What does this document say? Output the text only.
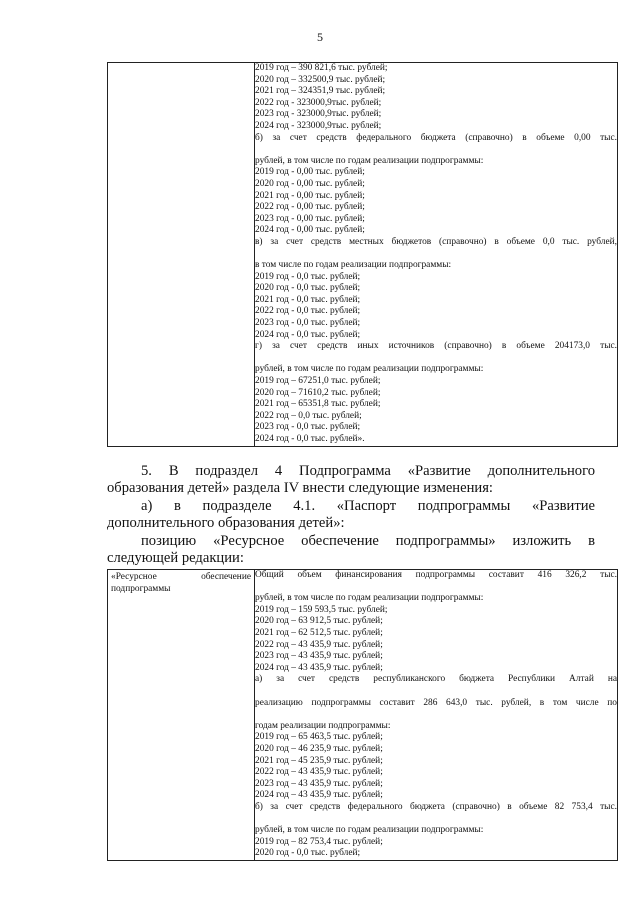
5

2019 год – 390 821,6 тыс. рублей;
2020 год – 332500,9 тыс. рублей;
2021 год – 324351,9 тыс. рублей;
2022 год - 323000,9тыс. рублей;
2023 год - 323000,9тыс. рублей;
2024 год - 323000,9тыс. рублей;
б) за счет средств федерального бюджета (справочно) в объеме 0,00 тыс.
рублей, в том числе по годам реализации подпрограммы:
2019 год - 0,00 тыс. рублей;
2020 год - 0,00 тыс. рублей;
2021 год - 0,00 тыс. рублей;
2022 год - 0,00 тыс. рублей;
2023 год - 0,00 тыс. рублей;
2024 год - 0,00 тыс. рублей;
в) за счет средств местных бюджетов (справочно) в объеме 0,0 тыс. рублей,
в том числе по годам реализации подпрограммы:
2019 год - 0,0 тыс. рублей;
2020 год - 0,0 тыс. рублей;
2021 год - 0,0 тыс. рублей;
2022 год - 0,0 тыс. рублей;
2023 год - 0,0 тыс. рублей;
2024 год - 0,0 тыс. рублей;
г) за счет средств иных источников (справочно) в объеме 204173,0 тыс.
рублей, в том числе по годам реализации подпрограммы:
2019 год – 67251,0 тыс. рублей;
2020 год – 71610,2 тыс. рублей;
2021 год – 65351,8 тыс. рублей;
2022 год – 0,0 тыс. рублей;
2023 год - 0,0 тыс. рублей;
2024 год - 0,0 тыс. рублей».
5. В подраздел 4 Подпрограмма «Развитие дополнительного
образования детей» раздела IV внести следующие изменения:
а) в подразделе 4.1. «Паспорт подпрограммы «Развитие
дополнительного образования детей»:
позицию «Ресурсное обеспечение подпрограммы» изложить в
следующей редакции:
«Ресурсное обеспечение подпрограммы

Общий объем финансирования подпрограммы составит 416 326,2 тыс.
рублей, в том числе по годам реализации подпрограммы:
2019 год – 159 593,5 тыс. рублей;
2020 год – 63 912,5 тыс. рублей;
2021 год – 62 512,5 тыс. рублей;
2022 год – 43 435,9 тыс. рублей;
2023 год – 43 435,9 тыс. рублей;
2024 год – 43 435,9 тыс. рублей;
а) за счет средств республиканского бюджета Республики Алтай на
реализацию подпрограммы составит 286 643,0 тыс. рублей, в том числе по
годам реализации подпрограммы:
2019 год – 65 463,5 тыс. рублей;
2020 год – 46 235,9 тыс. рублей;
2021 год – 45 235,9 тыс. рублей;
2022 год – 43 435,9 тыс. рублей;
2023 год – 43 435,9 тыс. рублей;
2024 год – 43 435,9 тыс. рублей;
б) за счет средств федерального бюджета (справочно) в объеме 82 753,4 тыс.
рублей, в том числе по годам реализации подпрограммы:
2019 год – 82 753,4 тыс. рублей;
2020 год - 0,0 тыс. рублей;
